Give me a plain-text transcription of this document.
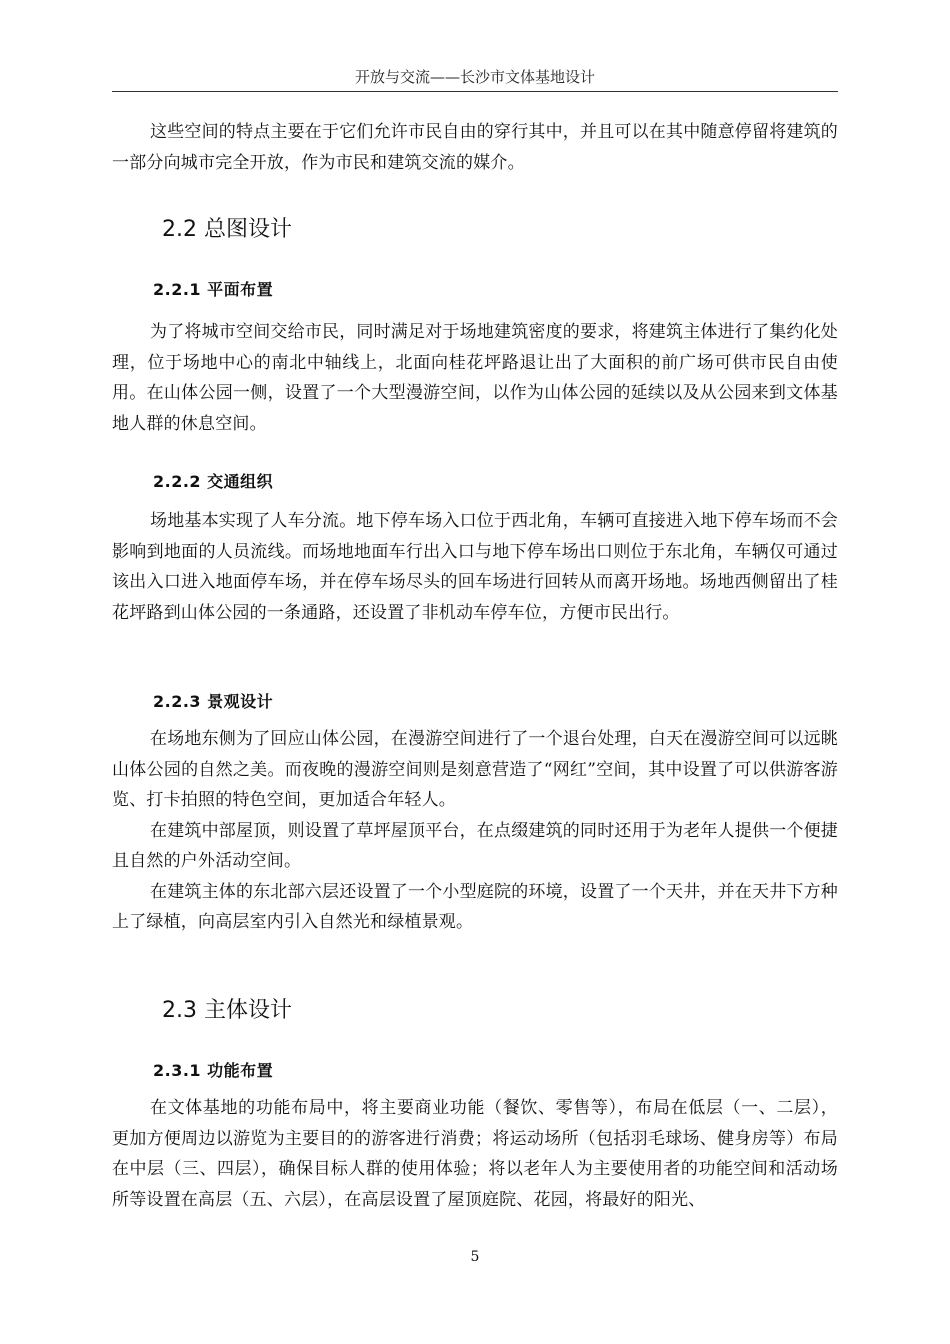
开放与交流——长沙市文体基地设计

这些空间的特点主要在于它们允许市民自由的穿行其中，并且可以在其中随意停留将建筑的一部分向城市完全开放，作为市民和建筑交流的媒介。

2.2 总图设计
2.2.1 平面布置

为了将城市空间交给市民，同时满足对于场地建筑密度的要求，将建筑主体进行了集约化处理，位于场地中心的南北中轴线上，北面向桂花坪路退让出了大面积的前广场可供市民自由使用。在山体公园一侧，设置了一个大型漫游空间，以作为山体公园的延续以及从公园来到文体基地人群的休息空间。

2.2.2 交通组织

场地基本实现了人车分流。地下停车场入口位于西北角，车辆可直接进入地下停车场而不会影响到地面的人员流线。而场地地面车行出入口与地下停车场出口则位于东北角，车辆仅可通过该出入口进入地面停车场，并在停车场尽头的回车场进行回转从而离开场地。场地西侧留出了桂花坪路到山体公园的一条通路，还设置了非机动车停车位，方便市民出行。

2.2.3 景观设计

在场地东侧为了回应山体公园，在漫游空间进行了一个退台处理，白天在漫游空间可以远眺山体公园的自然之美。而夜晚的漫游空间则是刻意营造了“网红”空间，其中设置了可以供游客游览、打卡拍照的特色空间，更加适合年轻人。

在建筑中部屋顶，则设置了草坪屋顶平台，在点缀建筑的同时还用于为老年人提供一个便捷且自然的户外活动空间。

在建筑主体的东北部六层还设置了一个小型庭院的环境，设置了一个天井，并在天井下方种上了绿植，向高层室内引入自然光和绿植景观。

2.3 主体设计
2.3.1 功能布置

在文体基地的功能布局中，将主要商业功能（餐饮、零售等），布局在低层（一、二层），更加方便周边以游览为主要目的的游客进行消费；将运动场所（包括羽毛球场、健身房等）布局在中层（三、四层），确保目标人群的使用体验；将以老年人为主要使用者的功能空间和活动场所等设置在高层（五、六层），在高层设置了屋顶庭院、花园，将最好的阳光、

5
